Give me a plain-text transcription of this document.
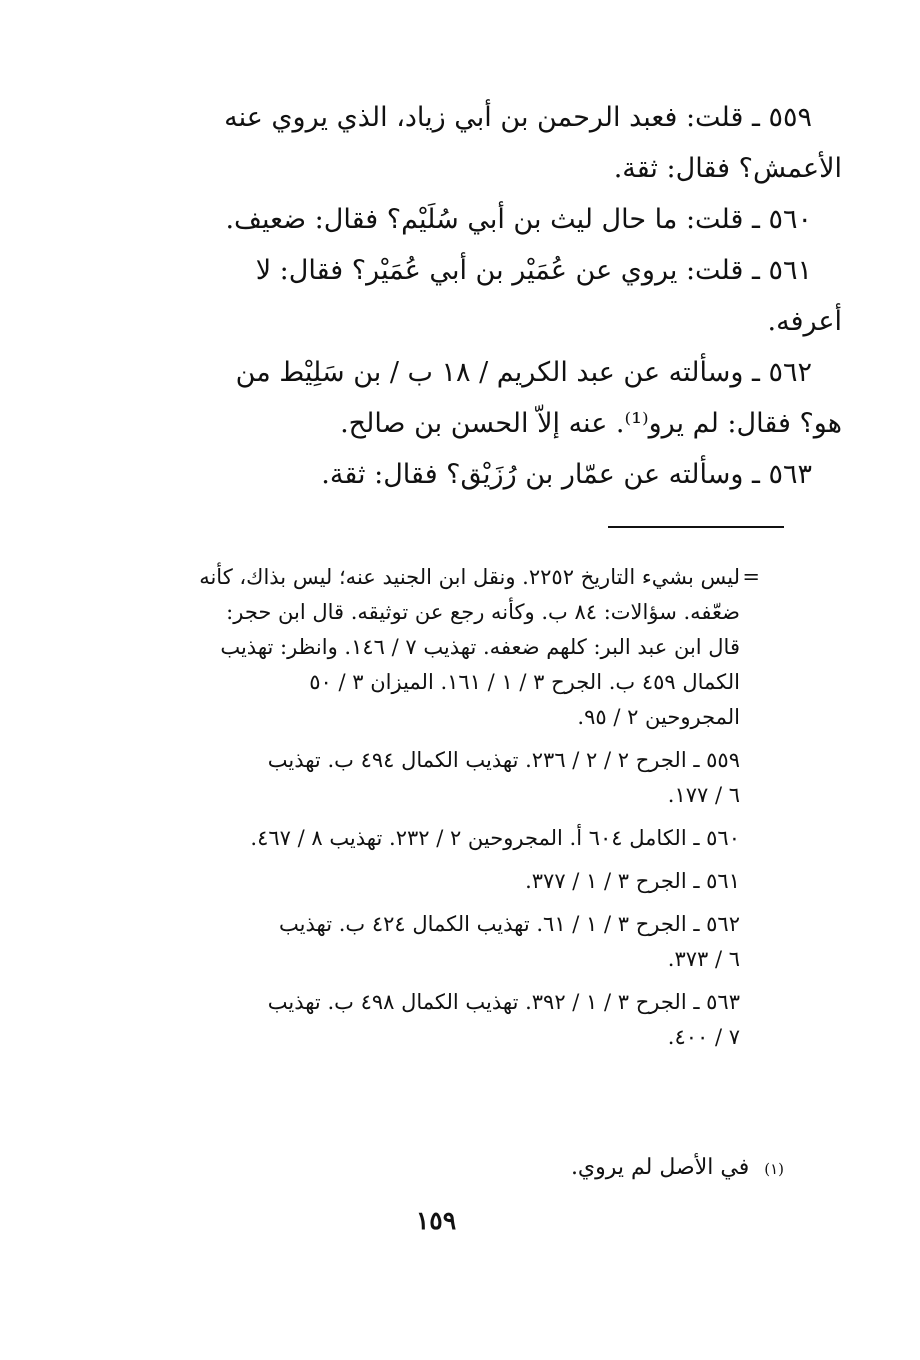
٥٥٩ ـ قلت: فعبد الرحمن بن أبي زياد، الذي يروي عنه
الأعمش؟ فقال: ثقة.

٥٦٠ ـ قلت: ما حال ليث بن أبي سُلَيْم؟ فقال: ضعيف.

٥٦١ ـ قلت: يروي عن عُمَيْر بن أبي عُمَيْر؟ فقال: لا
أعرفه.

٥٦٢ ـ وسألته عن عبد الكريم / ١٨ ب / بن سَلِيْط من
هو؟ فقال: لم يرو⁽¹⁾. عنه إلاّ الحسن بن صالح.

٥٦٣ ـ وسألته عن عمّار بن رُزَيْق؟ فقال: ثقة.

=
ليس بشيء التاريخ ٢٢٥٢. ونقل ابن الجنيد عنه؛ ليس بذاك، كأنه
ضعّفه. سؤالات: ٨٤ ب. وكأنه رجع عن توثيقه. قال ابن حجر:
قال ابن عبد البر: كلهم ضعفه. تهذيب ٧ / ١٤٦. وانظر: تهذيب
الكمال ٤٥٩ ب. الجرح ٣ / ١ / ١٦١. الميزان ٣ / ٥٠
المجروحين ٢ / ٩٥.
٥٥٩ ـ الجرح ٢ / ٢ / ٢٣٦. تهذيب الكمال ٤٩٤ ب. تهذيب
٦ / ١٧٧.
٥٦٠ ـ الكامل ٦٠٤ أ. المجروحين ٢ / ٢٣٢. تهذيب ٨ / ٤٦٧.
٥٦١ ـ الجرح ٣ / ١ / ٣٧٧.
٥٦٢ ـ الجرح ٣ / ١ / ٦١. تهذيب الكمال ٤٢٤ ب. تهذيب
٦ / ٣٧٣.
٥٦٣ ـ الجرح ٣ / ١ / ٣٩٢. تهذيب الكمال ٤٩٨ ب. تهذيب
٧ / ٤٠٠.
(١) في الأصل لم يروي.
١٥٩
